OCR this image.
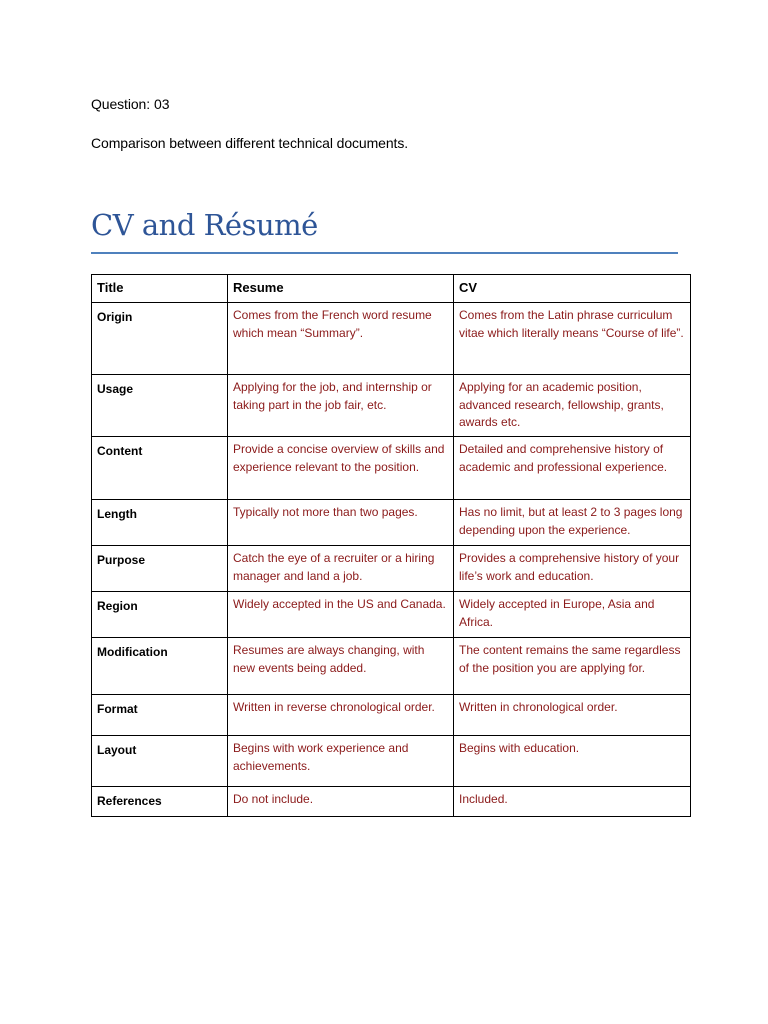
Question: 03
Comparison between different technical documents.
CV and Résumé
Title	Resume	CV
Origin	Comes from the French word resume which mean “Summary”.	Comes from the Latin phrase curriculum vitae which literally means “Course of life”.
Usage	Applying for the job, and internship or taking part in the job fair, etc.	Applying for an academic position, advanced research, fellowship, grants, awards etc.
Content	Provide a concise overview of skills and experience relevant to the position.	Detailed and comprehensive history of academic and professional experience.
Length	Typically not more than two pages.	Has no limit, but at least 2 to 3 pages long depending upon the experience.
Purpose	Catch the eye of a recruiter or a hiring manager and land a job.	Provides a comprehensive history of your life’s work and education.
Region	Widely accepted in the US and Canada.	Widely accepted in Europe, Asia and Africa.
Modification	Resumes are always changing, with new events being added.	The content remains the same regardless of the position you are applying for.
Format	Written in reverse chronological order.	Written in chronological order.
Layout	Begins with work experience and achievements.	Begins with education.
References	Do not include.	Included.
